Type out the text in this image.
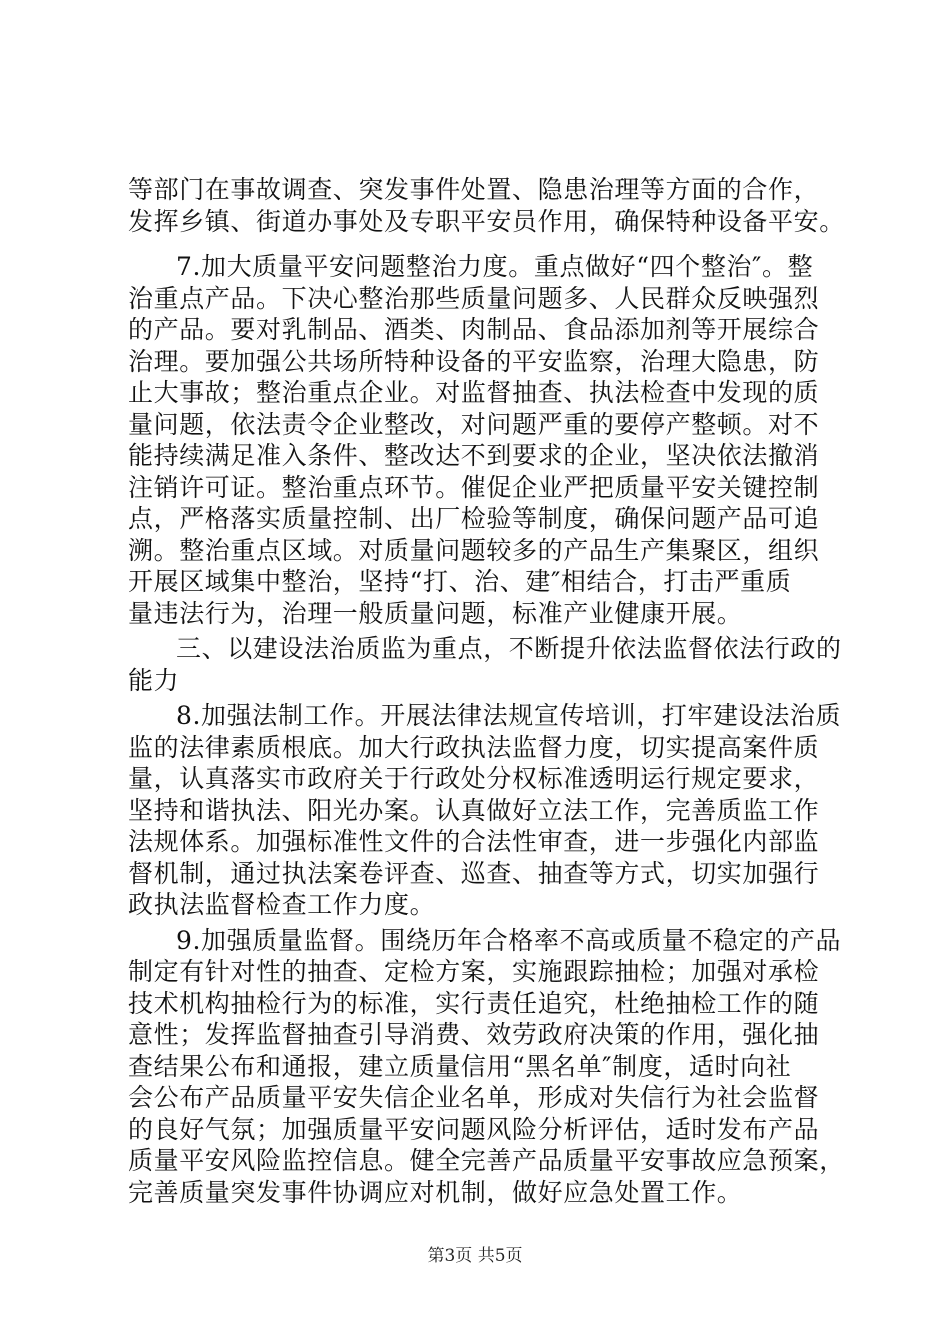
等部门在事故调查、突发事件处置、隐患治理等方面的合作，
发挥乡镇、街道办事处及专职平安员作用，确保特种设备平安。
7.加大质量平安问题整治力度。重点做好“四个整治″。整
治重点产品。下决心整治那些质量问题多、人民群众反映强烈
的产品。要对乳制品、酒类、肉制品、食品添加剂等开展综合
治理。要加强公共场所特种设备的平安监察，治理大隐患，防
止大事故；整治重点企业。对监督抽查、执法检查中发现的质
量问题，依法责令企业整改，对问题严重的要停产整顿。对不
能持续满足准入条件、整改达不到要求的企业，坚决依法撤消
注销许可证。整治重点环节。催促企业严把质量平安关键控制
点，严格落实质量控制、出厂检验等制度，确保问题产品可追
溯。整治重点区域。对质量问题较多的产品生产集聚区，组织
开展区域集中整治，坚持“打、治、建″相结合，打击严重质
量违法行为，治理一般质量问题，标准产业健康开展。
三、以建设法治质监为重点，不断提升依法监督依法行政的
能力
8.加强法制工作。开展法律法规宣传培训，打牢建设法治质
监的法律素质根底。加大行政执法监督力度，切实提高案件质
量，认真落实市政府关于行政处分权标准透明运行规定要求，
坚持和谐执法、阳光办案。认真做好立法工作，完善质监工作
法规体系。加强标准性文件的合法性审查，进一步强化内部监
督机制，通过执法案卷评查、巡查、抽查等方式，切实加强行
政执法监督检查工作力度。
9.加强质量监督。围绕历年合格率不高或质量不稳定的产品
制定有针对性的抽查、定检方案，实施跟踪抽检；加强对承检
技术机构抽检行为的标准，实行责任追究，杜绝抽检工作的随
意性；发挥监督抽查引导消费、效劳政府决策的作用，强化抽
查结果公布和通报，建立质量信用“黑名单″制度，适时向社
会公布产品质量平安失信企业名单，形成对失信行为社会监督
的良好气氛；加强质量平安问题风险分析评估，适时发布产品
质量平安风险监控信息。健全完善产品质量平安事故应急预案，
完善质量突发事件协调应对机制，做好应急处置工作。
第3页 共5页
